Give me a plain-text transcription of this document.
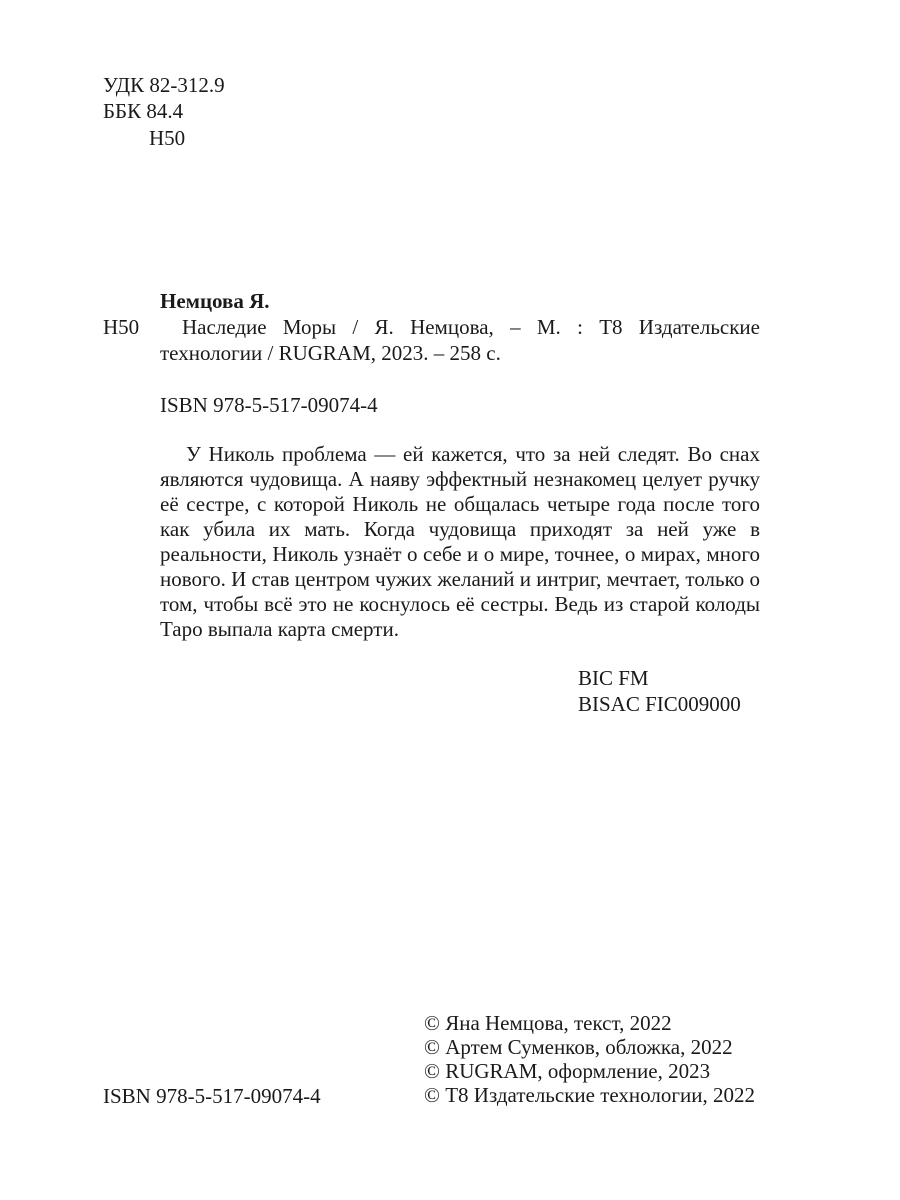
УДК 82-312.9
ББК 84.4
Н50
Немцова Я.
Н50	Наследие Моры / Я. Немцова, – М. : Т8 Издательские технологии / RUGRAM, 2023. – 258 с.
ISBN 978-5-517-09074-4
У Николь проблема — ей кажется, что за ней следят. Во снах являются чудовища. А наяву эффектный незнакомец целует ручку её сестре, с которой Николь не общалась четыре года после того как убила их мать. Когда чудовища приходят за ней уже в реальности, Николь узнаёт о себе и о мире, точнее, о мирах, много нового. И став центром чужих желаний и интриг, мечтает, только о том, чтобы всё это не коснулось её сестры. Ведь из старой колоды Таро выпала карта смерти.
BIC FM
BISAC FIC009000
ISBN 978-5-517-09074-4
© Яна Немцова, текст, 2022
© Артем Суменков, обложка, 2022
© RUGRAM, оформление, 2023
© Т8 Издательские технологии, 2022
